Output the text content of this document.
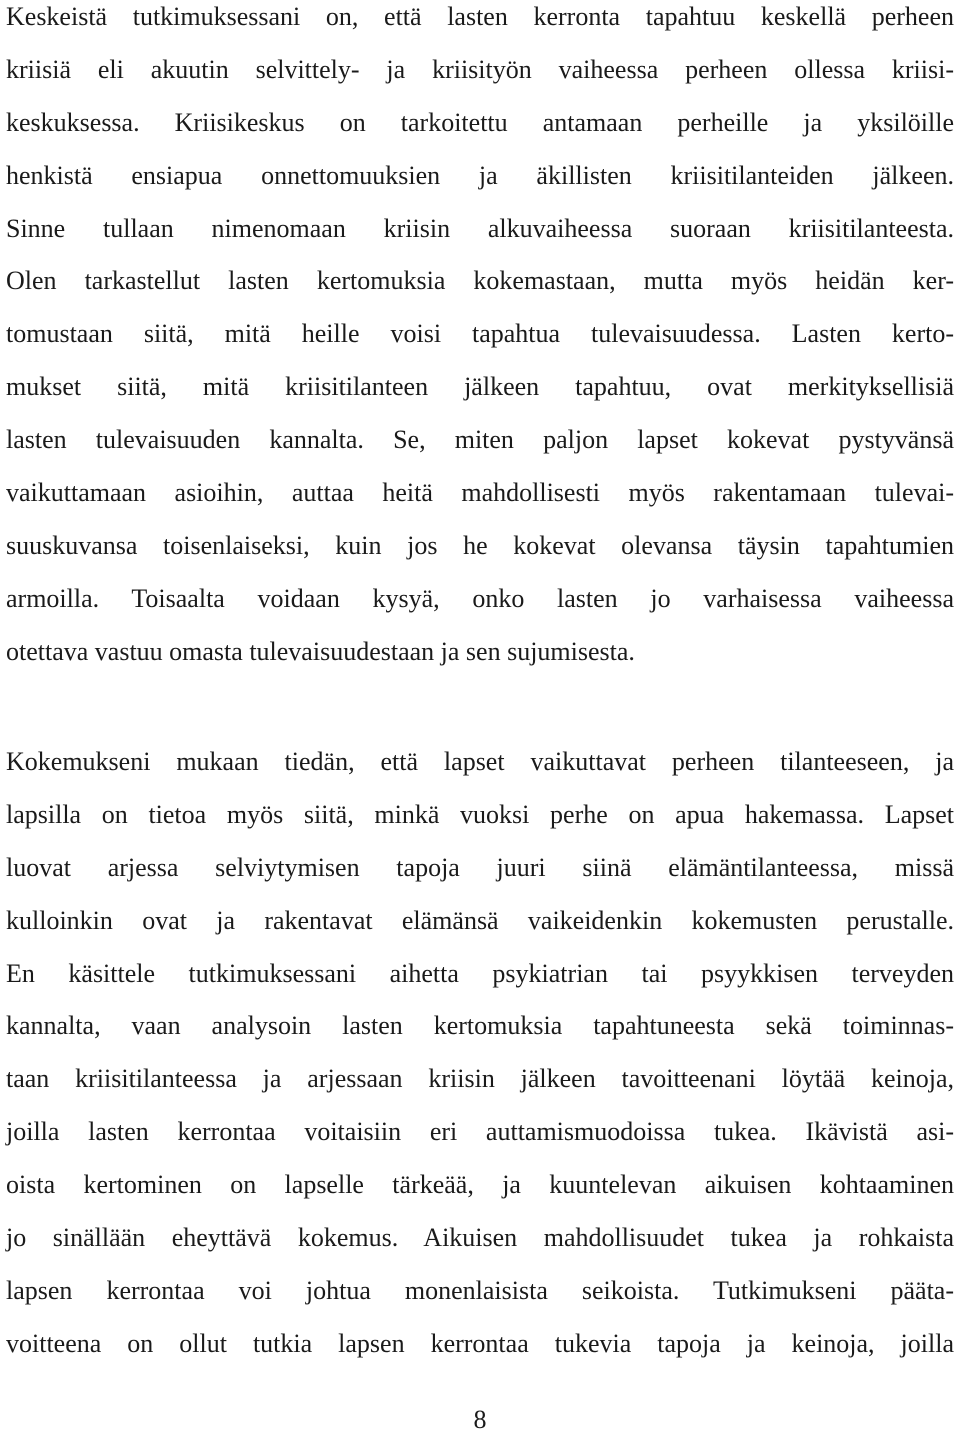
Keskeistä tutkimuksessani on, että lasten kerronta tapahtuu keskellä perheen
kriisiä eli akuutin selvittely- ja kriisityön vaiheessa perheen ollessa kriisi-
keskuksessa. Kriisikeskus on tarkoitettu antamaan perheille ja yksilöille
henkistä ensiapua onnettomuuksien ja äkillisten kriisitilanteiden jälkeen.
Sinne tullaan nimenomaan kriisin alkuvaiheessa suoraan kriisitilanteesta.
Olen tarkastellut lasten kertomuksia kokemastaan, mutta myös heidän ker-
tomustaan siitä, mitä heille voisi tapahtua tulevaisuudessa. Lasten kerto-
mukset siitä, mitä kriisitilanteen jälkeen tapahtuu, ovat merkityksellisiä
lasten tulevaisuuden kannalta. Se, miten paljon lapset kokevat pystyvänsä
vaikuttamaan asioihin, auttaa heitä mahdollisesti myös rakentamaan tulevai-
suuskuvansa toisenlaiseksi, kuin jos he kokevat olevansa täysin tapahtumien
armoilla. Toisaalta voidaan kysyä, onko lasten jo varhaisessa vaiheessa
otettava vastuu omasta tulevaisuudestaan ja sen sujumisesta.
Kokemukseni mukaan tiedän, että lapset vaikuttavat perheen tilanteeseen, ja
lapsilla on tietoa myös siitä, minkä vuoksi perhe on apua hakemassa. Lapset
luovat arjessa selviytymisen tapoja juuri siinä elämäntilanteessa, missä
kulloinkin ovat ja rakentavat elämänsä vaikeidenkin kokemusten perustalle.
En käsittele tutkimuksessani aihetta psykiatrian tai psyykkisen terveyden
kannalta, vaan analysoin lasten kertomuksia tapahtuneesta sekä toiminnas-
taan kriisitilanteessa ja arjessaan kriisin jälkeen tavoitteenani löytää keinoja,
joilla lasten kerrontaa voitaisiin eri auttamismuodoissa tukea. Ikävistä asi-
oista kertominen on lapselle tärkeää, ja kuuntelevan aikuisen kohtaaminen
jo sinällään eheyttävä kokemus. Aikuisen mahdollisuudet tukea ja rohkaista
lapsen kerrontaa voi johtua monenlaisista seikoista. Tutkimukseni pääta-
voitteena on ollut tutkia lapsen kerrontaa tukevia tapoja ja keinoja, joilla
8
